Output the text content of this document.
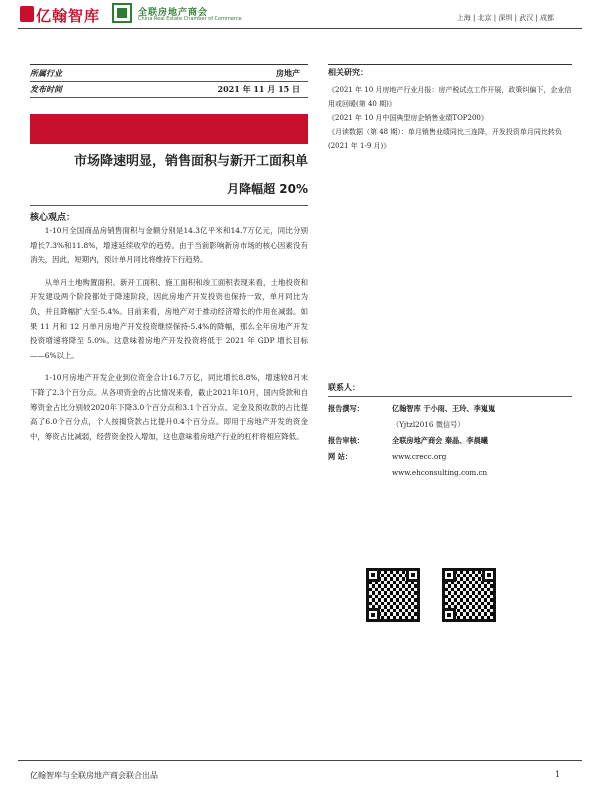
亿翰智库	全联房地产商会
China Real Estate Chamber of Commerce	上海 | 北京 | 深圳 | 武汉 | 成都
所属行业	房地产
发布时间	2021 年 11 月 15 日
市场降速明显，销售面积与新开工面积单
月降幅超 20%
核心观点：

1-10月全国商品房销售面积与金额分别是14.3亿平米和14.7万亿元，同比分别增长7.3%和11.8%，增速延续收窄的趋势。由于当前影响新房市场的核心因素没有消失，因此，短期内，预计单月同比将维持下行趋势。

从单月土地购置面积、新开工面积、施工面积和竣工面积表现来看，土地投资和开发建设两个阶段都处于降速阶段，因此房地产开发投资也保持一致，单月同比为负，并且降幅扩大至-5.4%。目前来看，房地产对于推动经济增长的作用在减弱。如果 11 月和 12 月单月房地产开发投资继续保持-5.4%的降幅，那么全年房地产开发投资增速将降至 5.0%。这意味着房地产开发投资将低于 2021 年 GDP 增长目标——6%以上。

1-10月房地产开发企业到位资金合计16.7万亿，同比增长8.8%，增速较8月末下降了2.3个百分点。从各项资金的占比情况来看，截止2021年10月，国内贷款和自筹资金占比分别较2020年下降3.0个百分点和3.1个百分点。定金及预收款的占比提高了6.0个百分点，个人按揭贷款占比提升0.4个百分点。即用于房地产开发的资金中，筹资占比减弱，经营资金投入增加，这也意味着房地产行业的杠杆将相应降低。

相关研究：
《2021 年 10 月房地产行业月报：房产税试点工作开展，政策纠偏下，企业信用或回暖(第 40 期)》
《2021 年 10 月中国典型房企销售业绩TOP200》
《月读数据（第 48 期）：单月销售业绩同比三连降，开发投资单月同比转负(2021 年 1-9 月)》
联系人：
报告撰写：	亿翰智库 于小雨、王玲、李嵬嵬
（Yjtzl2016 微信号）
报告审核：	全联房地产商会 秦晶、李晨曦
网 站：	www.crecc.org
www.ehconsulting.com.cn
亿翰智库与全联房地产商会联合出品	1
